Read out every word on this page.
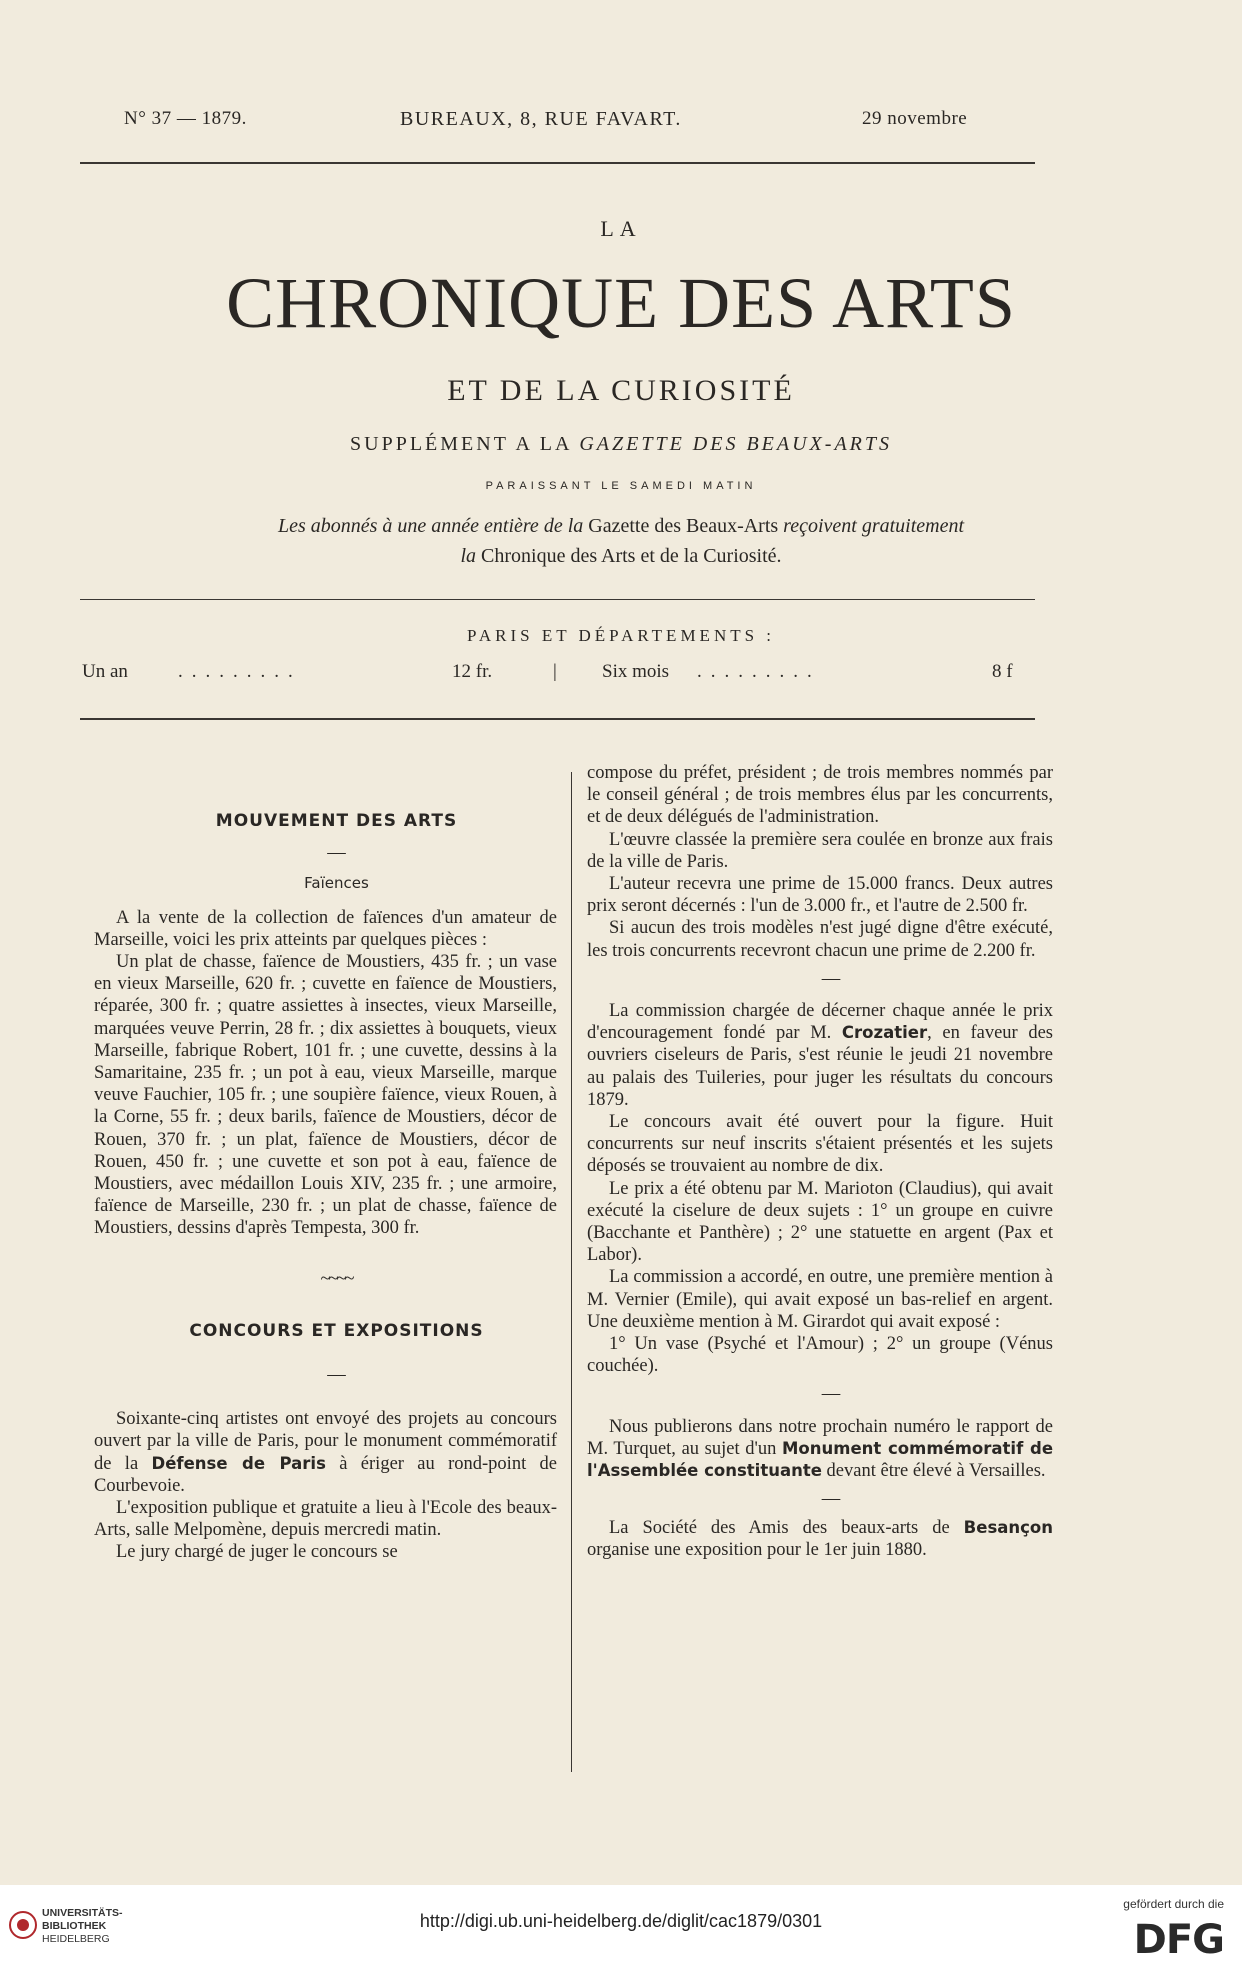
N° 37 — 1879.	BUREAUX, 8, RUE FAVART.	29 novembre
LA
CHRONIQUE DES ARTS
ET DE LA CURIOSITÉ
SUPPLÉMENT A LA GAZETTE DES BEAUX-ARTS
PARAISSANT LE SAMEDI MATIN
Les abonnés à une année entière de la Gazette des Beaux-Arts reçoivent gratuitement
la Chronique des Arts et de la Curiosité.
PARIS ET DÉPARTEMENTS :
Un an	.........	12 fr.	| Six mois .........	8 f

MOUVEMENT DES ARTS

—

Faïences

A la vente de la collection de faïences d'un amateur de Marseille, voici les prix atteints par quelques pièces :

Un plat de chasse, faïence de Moustiers, 435 fr. ; un vase en vieux Marseille, 620 fr. ; cuvette en faïence de Moustiers, réparée, 300 fr. ; quatre assiettes à insectes, vieux Marseille, marquées veuve Perrin, 28 fr. ; dix assiettes à bouquets, vieux Marseille, fabrique Robert, 101 fr. ; une cuvette, dessins à la Samaritaine, 235 fr. ; un pot à eau, vieux Marseille, marque veuve Fauchier, 105 fr. ; une soupière faïence, vieux Rouen, à la Corne, 55 fr. ; deux barils, faïence de Moustiers, décor de Rouen, 370 fr. ; un plat, faïence de Moustiers, décor de Rouen, 450 fr. ; une cuvette et son pot à eau, faïence de Moustiers, avec médaillon Louis XIV, 235 fr. ; une armoire, faïence de Marseille, 230 fr. ; un plat de chasse, faïence de Moustiers, dessins d'après Tempesta, 300 fr.

~~~~

CONCOURS ET EXPOSITIONS

—

Soixante-cinq artistes ont envoyé des projets au concours ouvert par la ville de Paris, pour le monument commémoratif de la Défense de Paris à ériger au rond-point de Courbevoie.

L'exposition publique et gratuite a lieu à l'Ecole des beaux-Arts, salle Melpomène, depuis mercredi matin.

Le jury chargé de juger le concours se

compose du préfet, président ; de trois membres nommés par le conseil général ; de trois membres élus par les concurrents, et de deux délégués de l'administration.

L'œuvre classée la première sera coulée en bronze aux frais de la ville de Paris.

L'auteur recevra une prime de 15.000 francs. Deux autres prix seront décernés : l'un de 3.000 fr., et l'autre de 2.500 fr.

Si aucun des trois modèles n'est jugé digne d'être exécuté, les trois concurrents recevront chacun une prime de 2.200 fr.

—

La commission chargée de décerner chaque année le prix d'encouragement fondé par M. Crozatier, en faveur des ouvriers ciseleurs de Paris, s'est réunie le jeudi 21 novembre au palais des Tuileries, pour juger les résultats du concours 1879.

Le concours avait été ouvert pour la figure. Huit concurrents sur neuf inscrits s'étaient présentés et les sujets déposés se trouvaient au nombre de dix.

Le prix a été obtenu par M. Marioton (Claudius), qui avait exécuté la ciselure de deux sujets : 1° un groupe en cuivre (Bacchante et Panthère) ; 2° une statuette en argent (Pax et Labor).

La commission a accordé, en outre, une première mention à M. Vernier (Emile), qui avait exposé un bas-relief en argent. Une deuxième mention à M. Girardot qui avait exposé :

1° Un vase (Psyché et l'Amour) ; 2° un groupe (Vénus couchée).

—

Nous publierons dans notre prochain numéro le rapport de M. Turquet, au sujet d'un Monument commémoratif de l'Assemblée constituante devant être élevé à Versailles.

—

La Société des Amis des beaux-arts de Besançon organise une exposition pour le 1er juin 1880.

UNIVERSITÄTS-
BIBLIOTHEK
HEIDELBERG
http://digi.ub.uni-heidelberg.de/diglit/cac1879/0301
gefördert durch die
DFG
